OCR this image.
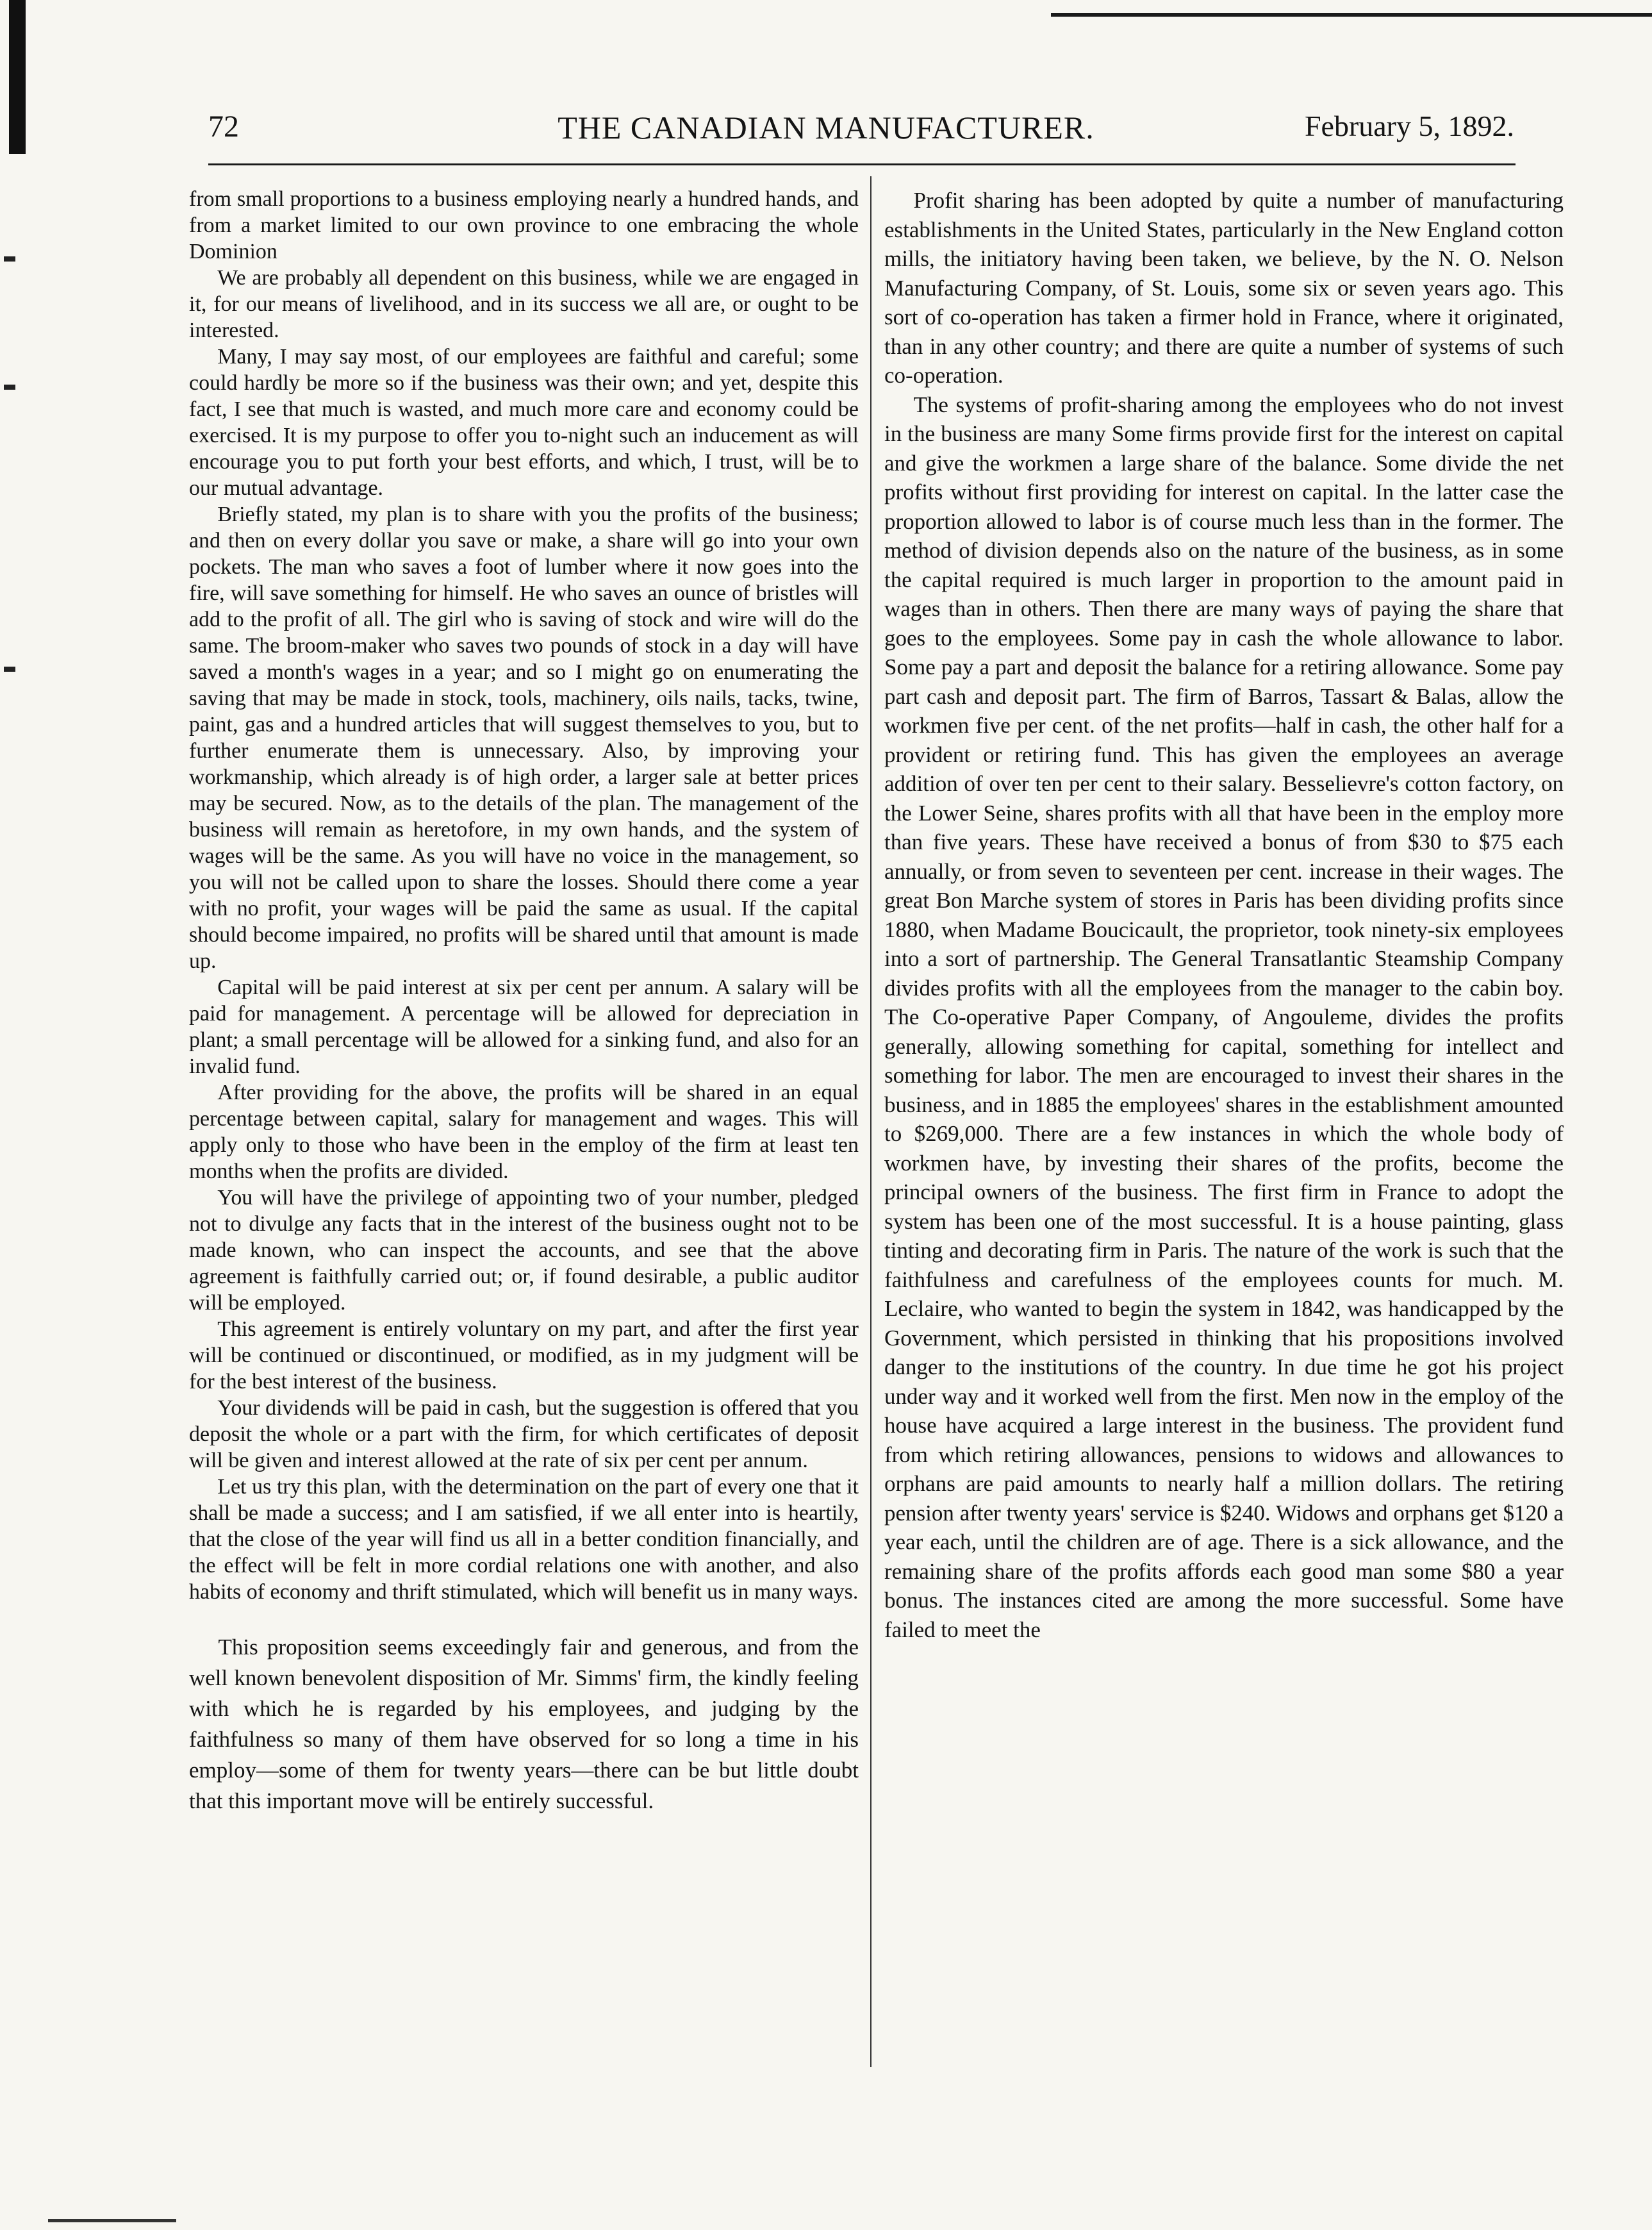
THE CANADIAN MANUFACTURER.
72	February 5, 1892.

from small proportions to a business employing nearly a hundred hands, and from a market limited to our own province to one embracing the whole Dominion

We are probably all dependent on this business, while we are engaged in it, for our means of livelihood, and in its success we all are, or ought to be interested.

Many, I may say most, of our employees are faithful and careful; some could hardly be more so if the business was their own; and yet, despite this fact, I see that much is wasted, and much more care and economy could be exercised. It is my purpose to offer you to-night such an inducement as will encourage you to put forth your best efforts, and which, I trust, will be to our mutual advantage.

Briefly stated, my plan is to share with you the profits of the business; and then on every dollar you save or make, a share will go into your own pockets. The man who saves a foot of lumber where it now goes into the fire, will save something for himself. He who saves an ounce of bristles will add to the profit of all. The girl who is saving of stock and wire will do the same. The broom-maker who saves two pounds of stock in a day will have saved a month's wages in a year; and so I might go on enumerating the saving that may be made in stock, tools, machinery, oils nails, tacks, twine, paint, gas and a hundred articles that will suggest themselves to you, but to further enumerate them is unnecessary. Also, by improving your workmanship, which already is of high order, a larger sale at better prices may be secured. Now, as to the details of the plan. The management of the business will remain as heretofore, in my own hands, and the system of wages will be the same. As you will have no voice in the management, so you will not be called upon to share the losses. Should there come a year with no profit, your wages will be paid the same as usual. If the capital should become impaired, no profits will be shared until that amount is made up.

Capital will be paid interest at six per cent per annum. A salary will be paid for management. A percentage will be allowed for depreciation in plant; a small percentage will be allowed for a sinking fund, and also for an invalid fund.

After providing for the above, the profits will be shared in an equal percentage between capital, salary for management and wages. This will apply only to those who have been in the employ of the firm at least ten months when the profits are divided.

You will have the privilege of appointing two of your number, pledged not to divulge any facts that in the interest of the business ought not to be made known, who can inspect the accounts, and see that the above agreement is faithfully carried out; or, if found desirable, a public auditor will be employed.

This agreement is entirely voluntary on my part, and after the first year will be continued or discontinued, or modified, as in my judgment will be for the best interest of the business.

Your dividends will be paid in cash, but the suggestion is offered that you deposit the whole or a part with the firm, for which certificates of deposit will be given and interest allowed at the rate of six per cent per annum.

Let us try this plan, with the determination on the part of every one that it shall be made a success; and I am satisfied, if we all enter into is heartily, that the close of the year will find us all in a better condition financially, and the effect will be felt in more cordial relations one with another, and also habits of economy and thrift stimulated, which will benefit us in many ways.

This proposition seems exceedingly fair and generous, and from the well known benevolent disposition of Mr. Simms' firm, the kindly feeling with which he is regarded by his employees, and judging by the faithfulness so many of them have observed for so long a time in his employ—some of them for twenty years—there can be but little doubt that this important move will be entirely successful.

Profit sharing has been adopted by quite a number of manufacturing establishments in the United States, particularly in the New England cotton mills, the initiatory having been taken, we believe, by the N. O. Nelson Manufacturing Company, of St. Louis, some six or seven years ago. This sort of co-operation has taken a firmer hold in France, where it originated, than in any other country; and there are quite a number of systems of such co-operation.

The systems of profit-sharing among the employees who do not invest in the business are many Some firms provide first for the interest on capital and give the workmen a large share of the balance. Some divide the net profits without first providing for interest on capital. In the latter case the proportion allowed to labor is of course much less than in the former. The method of division depends also on the nature of the business, as in some the capital required is much larger in proportion to the amount paid in wages than in others. Then there are many ways of paying the share that goes to the employees. Some pay in cash the whole allowance to labor. Some pay a part and deposit the balance for a retiring allowance. Some pay part cash and deposit part. The firm of Barros, Tassart & Balas, allow the workmen five per cent. of the net profits—half in cash, the other half for a provident or retiring fund. This has given the employees an average addition of over ten per cent to their salary. Besselievre's cotton factory, on the Lower Seine, shares profits with all that have been in the employ more than five years. These have received a bonus of from $30 to $75 each annually, or from seven to seventeen per cent. increase in their wages. The great Bon Marche system of stores in Paris has been dividing profits since 1880, when Madame Boucicault, the proprietor, took ninety-six employees into a sort of partnership. The General Transatlantic Steamship Company divides profits with all the employees from the manager to the cabin boy. The Co-operative Paper Company, of Angouleme, divides the profits generally, allowing something for capital, something for intellect and something for labor. The men are encouraged to invest their shares in the business, and in 1885 the employees' shares in the establishment amounted to $269,000. There are a few instances in which the whole body of workmen have, by investing their shares of the profits, become the principal owners of the business. The first firm in France to adopt the system has been one of the most successful. It is a house painting, glass tinting and decorating firm in Paris. The nature of the work is such that the faithfulness and carefulness of the employees counts for much. M. Leclaire, who wanted to begin the system in 1842, was handicapped by the Government, which persisted in thinking that his propositions involved danger to the institutions of the country. In due time he got his project under way and it worked well from the first. Men now in the employ of the house have acquired a large interest in the business. The provident fund from which retiring allowances, pensions to widows and allowances to orphans are paid amounts to nearly half a million dollars. The retiring pension after twenty years' service is $240. Widows and orphans get $120 a year each, until the children are of age. There is a sick allowance, and the remaining share of the profits affords each good man some $80 a year bonus. The instances cited are among the more successful. Some have failed to meet the
